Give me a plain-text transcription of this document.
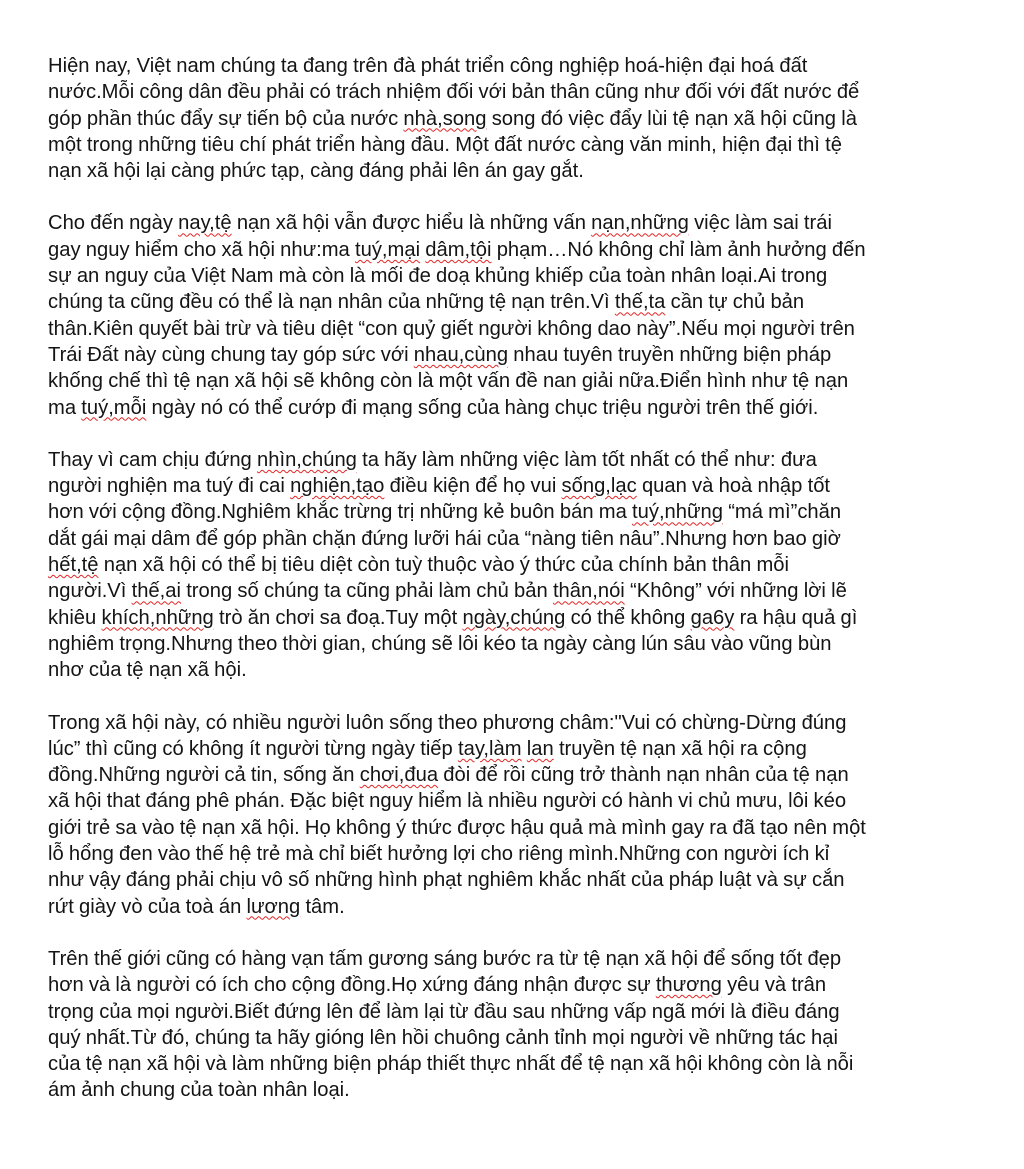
Hiện nay, Việt nam chúng ta đang trên đà phát triển công nghiệp hoá-hiện đại hoá đất
nước.Mỗi công dân đều phải có trách nhiệm đối với bản thân cũng như đối với đất nước để
góp phần thúc đẩy sự tiến bộ của nước nhà,song song đó việc đẩy lùi tệ nạn xã hội cũng là
một trong những tiêu chí phát triển hàng đầu. Một đất nước càng văn minh, hiện đại thì tệ
nạn xã hội lại càng phức tạp, càng đáng phải lên án gay gắt.

Cho đến ngày nay,tệ nạn xã hội vẫn được hiểu là những vấn nạn,những việc làm sai trái
gay nguy hiểm cho xã hội như:ma tuý,mại dâm,tội phạm…Nó không chỉ làm ảnh hưởng đến
sự an nguy của Việt Nam mà còn là mối đe doạ khủng khiếp của toàn nhân loại.Ai trong
chúng ta cũng đều có thể là nạn nhân của những tệ nạn trên.Vì thế,ta cần tự chủ bản
thân.Kiên quyết bài trừ và tiêu diệt “con quỷ giết người không dao này”.Nếu mọi người trên
Trái Đất này cùng chung tay góp sức với nhau,cùng nhau tuyên truyền những biện pháp
khống chế thì tệ nạn xã hội sẽ không còn là một vấn đề nan giải nữa.Điển hình như tệ nạn
ma tuý,mỗi ngày nó có thể cướp đi mạng sống của hàng chục triệu người trên thế giới.

Thay vì cam chịu đứng nhìn,chúng ta hãy làm những việc làm tốt nhất có thể như: đưa
người nghiện ma tuý đi cai nghiện,tạo điều kiện để họ vui sống,lạc quan và hoà nhập tốt
hơn với cộng đồng.Nghiêm khắc trừng trị những kẻ buôn bán ma tuý,những “má mì”chăn
dắt gái mại dâm để góp phần chặn đứng lưỡi hái của “nàng tiên nâu”.Nhưng hơn bao giờ
hết,tệ nạn xã hội có thể bị tiêu diệt còn tuỳ thuộc vào ý thức của chính bản thân mỗi
người.Vì thế,ai trong số chúng ta cũng phải làm chủ bản thân,nói “Không” với những lời lẽ
khiêu khích,những trò ăn chơi sa đoạ.Tuy một ngày,chúng có thể không ga6y ra hậu quả gì
nghiêm trọng.Nhưng theo thời gian, chúng sẽ lôi kéo ta ngày càng lún sâu vào vũng bùn
nhơ của tệ nạn xã hội.

Trong xã hội này, có nhiều người luôn sống theo phương châm:"Vui có chừng-Dừng đúng
lúc” thì cũng có không ít người từng ngày tiếp tay,làm lan truyền tệ nạn xã hội ra cộng
đồng.Những người cả tin, sống ăn chơi,đua đòi để rồi cũng trở thành nạn nhân của tệ nạn
xã hội that đáng phê phán. Đặc biệt nguy hiểm là nhiều người có hành vi chủ mưu, lôi kéo
giới trẻ sa vào tệ nạn xã hội. Họ không ý thức được hậu quả mà mình gay ra đã tạo nên một
lỗ hổng đen vào thế hệ trẻ mà chỉ biết hưởng lợi cho riêng mình.Những con người ích kỉ
như vậy đáng phải chịu vô số những hình phạt nghiêm khắc nhất của pháp luật và sự cắn
rứt giày vò của toà án lương tâm.

Trên thế giới cũng có hàng vạn tấm gương sáng bước ra từ tệ nạn xã hội để sống tốt đẹp
hơn và là người có ích cho cộng đồng.Họ xứng đáng nhận được sự thương yêu và trân
trọng của mọi người.Biết đứng lên để làm lại từ đầu sau những vấp ngã mới là điều đáng
quý nhất.Từ đó, chúng ta hãy gióng lên hồi chuông cảnh tỉnh mọi người về những tác hại
của tệ nạn xã hội và làm những biện pháp thiết thực nhất để tệ nạn xã hội không còn là nỗi
ám ảnh chung của toàn nhân loại.
